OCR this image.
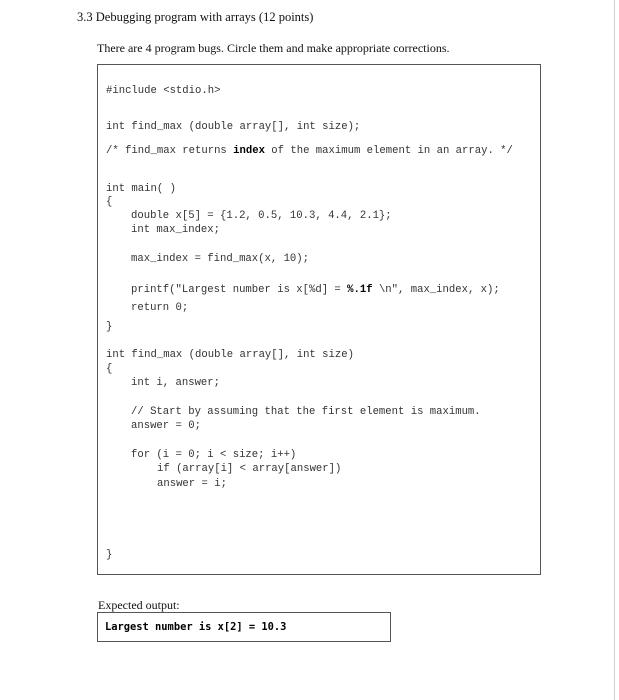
3.3 Debugging program with arrays (12 points)
There are 4 program bugs. Circle them and make appropriate corrections.
#include <stdio.h>
int find_max (double array[], int size);
/* find_max returns index of the maximum element in an array. */
int main( )
{
double x[5] = {1.2, 0.5, 10.3, 4.4, 2.1};
int max_index;
max_index = find_max(x, 10);
printf("Largest number is x[%d] = %.1f \n", max_index, x);
return 0;
}
int find_max (double array[], int size)
{
int i, answer;
// Start by assuming that the first element is maximum.
answer = 0;
for (i = 0; i < size; i++)
if (array[i] < array[answer])
answer = i;
}
Expected output:
Largest number is x[2] = 10.3
